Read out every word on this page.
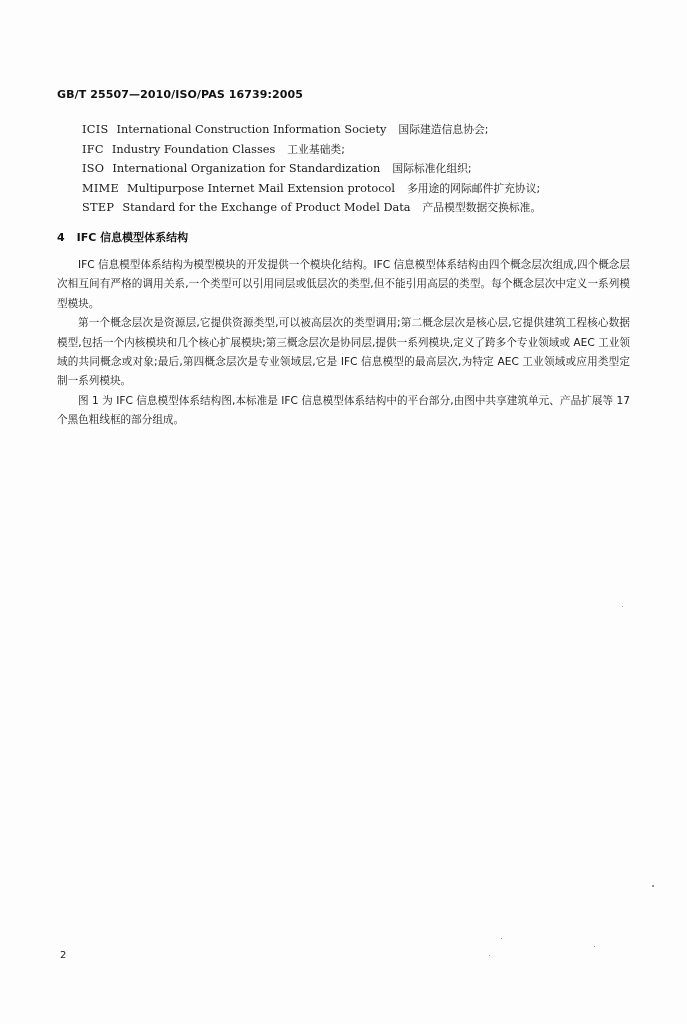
GB/T 25507—2010/ISO/PAS 16739:2005
ICIS International Construction Information Society 国际建造信息协会;
IFC Industry Foundation Classes 工业基础类;
ISO International Organization for Standardization 国际标准化组织;
MIME Multipurpose Internet Mail Extension protocol 多用途的网际邮件扩充协议;
STEP Standard for the Exchange of Product Model Data 产品模型数据交换标准。
4 IFC 信息模型体系结构

IFC 信息模型体系结构为模型模块的开发提供一个模块化结构。IFC 信息模型体系结构由四个概念层次组成,四个概念层次相互间有严格的调用关系,一个类型可以引用同层或低层次的类型,但不能引用高层的类型。每个概念层次中定义一系列模型模块。

第一个概念层次是资源层,它提供资源类型,可以被高层次的类型调用;第二概念层次是核心层,它提供建筑工程核心数据模型,包括一个内核模块和几个核心扩展模块;第三概念层次是协同层,提供一系列模块,定义了跨多个专业领域或 AEC 工业领域的共同概念或对象;最后,第四概念层次是专业领域层,它是 IFC 信息模型的最高层次,为特定 AEC 工业领域或应用类型定制一系列模块。

图 1 为 IFC 信息模型体系结构图,本标准是 IFC 信息模型体系结构中的平台部分,由图中共享建筑单元、产品扩展等 17 个黑色粗线框的部分组成。

2
